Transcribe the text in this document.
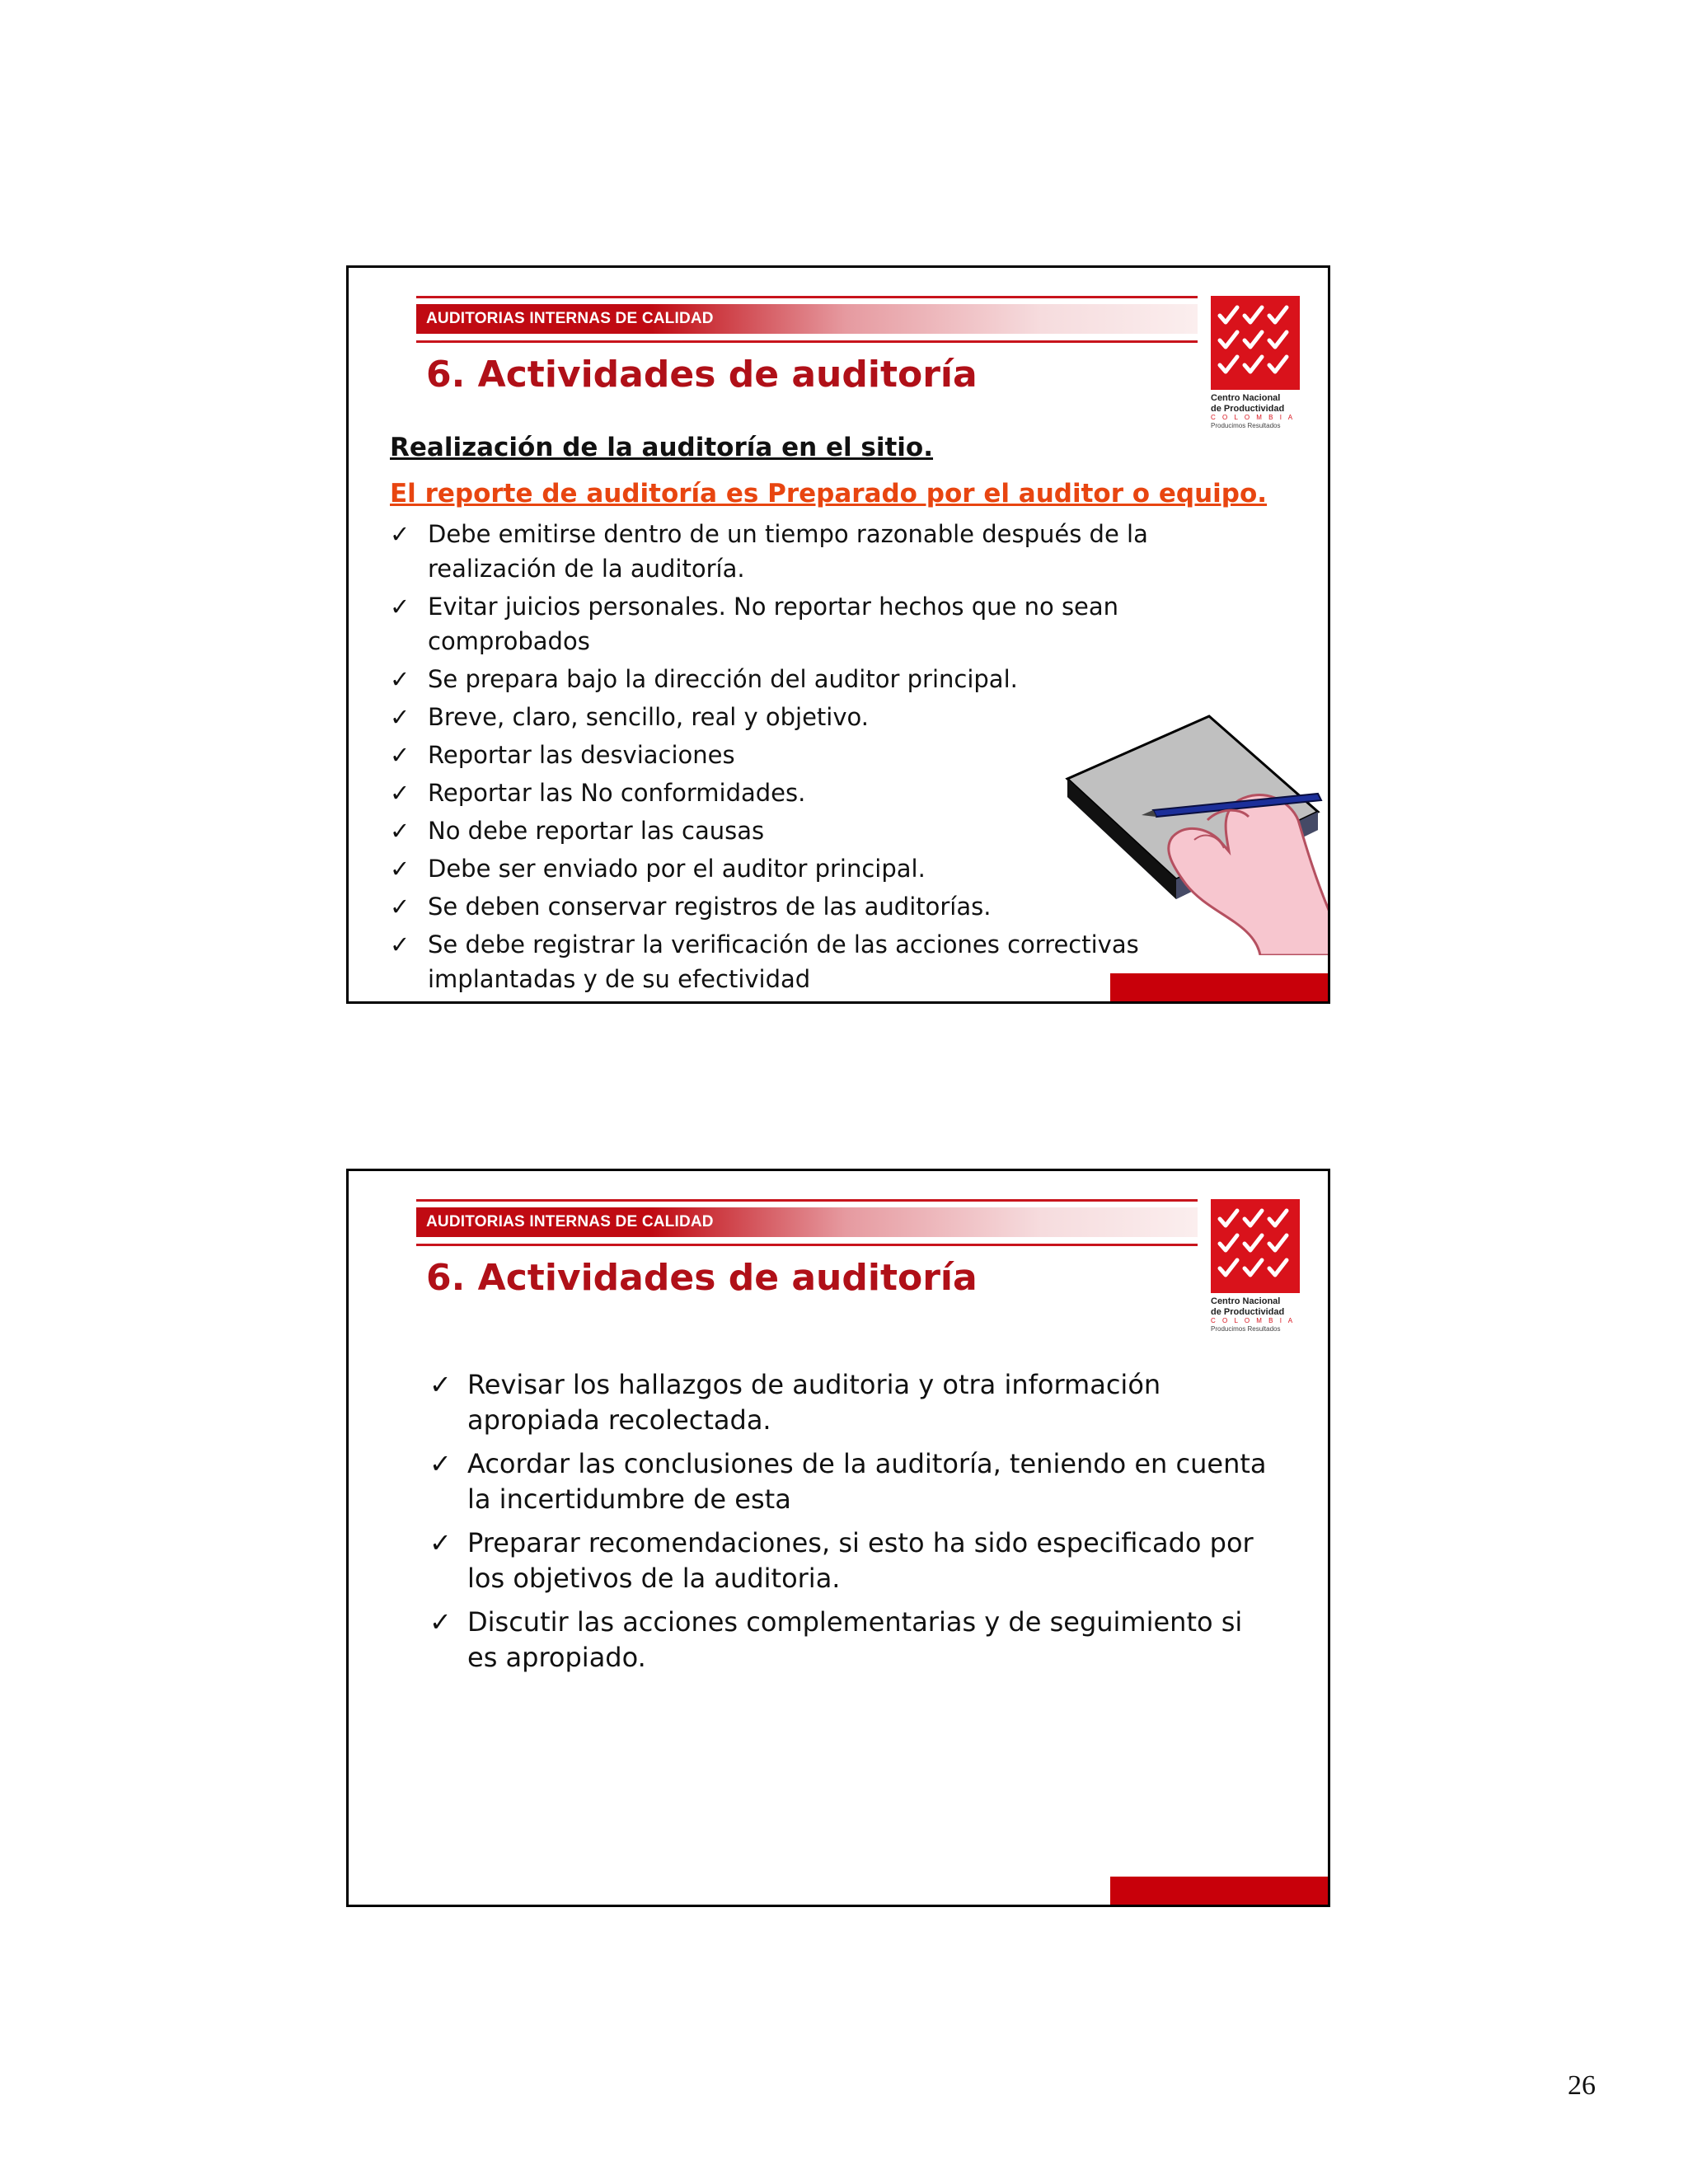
AUDITORIAS INTERNAS DE CALIDAD
6. Actividades de auditoría
Centro Nacional
de Productividad
C O L O M B I A
Producimos Resultados

Realización de la auditoría en el sitio.

El reporte de auditoría es Preparado por el auditor o equipo.

✓ Debe emitirse dentro de un tiempo razonable después de la realización de la auditoría.
✓ Evitar juicios personales. No reportar hechos que no sean comprobados
✓ Se prepara bajo la dirección del auditor principal.
✓ Breve, claro, sencillo, real y objetivo.
✓ Reportar las desviaciones
✓ Reportar las No conformidades.
✓ No debe reportar las causas
✓ Debe ser enviado por el auditor principal.
✓ Se deben conservar registros de las auditorías.
✓ Se debe registrar la verificación de las acciones correctivas implantadas y de su efectividad
AUDITORIAS INTERNAS DE CALIDAD
6. Actividades de auditoría
Centro Nacional
de Productividad
C O L O M B I A
Producimos Resultados
✓ Revisar los hallazgos de auditoria y otra información apropiada recolectada.
✓ Acordar las conclusiones de la auditoría, teniendo en cuenta la incertidumbre de esta
✓ Preparar recomendaciones, si esto ha sido especificado por los objetivos de la auditoria.
✓ Discutir las acciones complementarias y de seguimiento si es apropiado.
26
